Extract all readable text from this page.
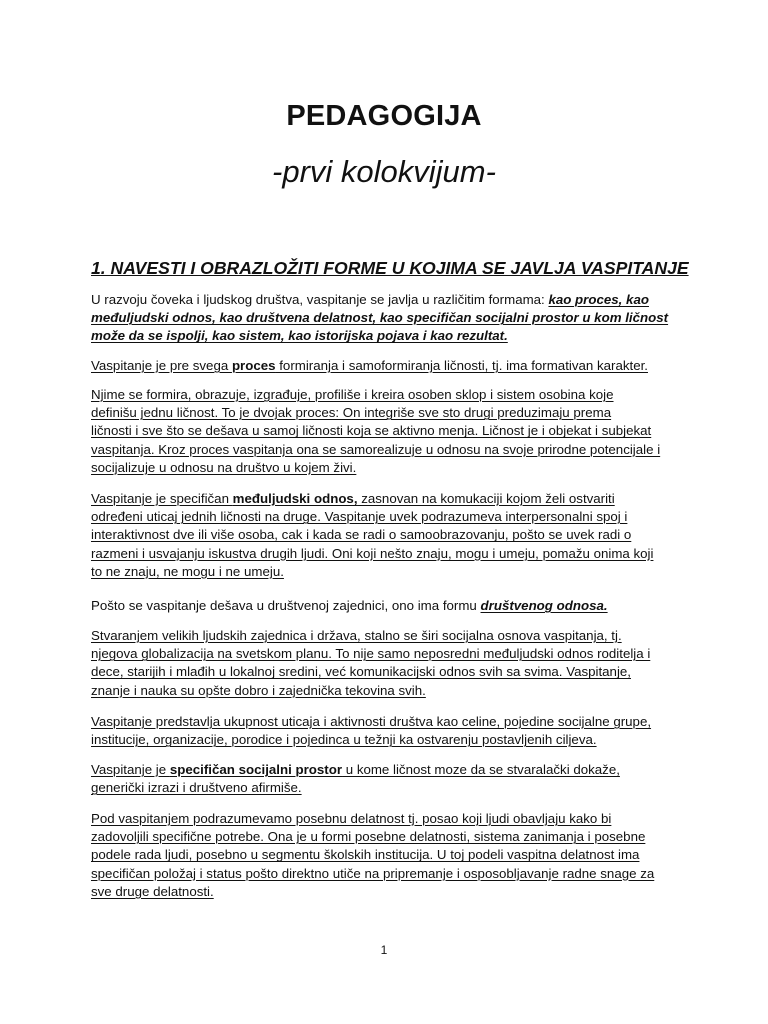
PEDAGOGIJA
-prvi kolokvijum-
1. NAVESTI I OBRAZLOŽITI FORME U KOJIMA SE JAVLJA VASPITANJE
U razvoju čoveka i ljudskog društva, vaspitanje se javlja u različitim formama: kao proces, kao
međuljudski odnos, kao društvena delatnost, kao specifičan socijalni prostor u kom ličnost
može da se ispolji, kao sistem, kao istorijska pojava i kao rezultat.
Vaspitanje je pre svega proces formiranja i samoformiranja ličnosti, tj. ima formativan karakter.
Njime se formira, obrazuje, izgrađuje, profiliše i kreira osoben sklop i sistem osobina koje
definišu jednu ličnost. To je dvojak proces: On integriše sve sto drugi preduzimaju prema
ličnosti i sve što se dešava u samoj ličnosti koja se aktivno menja. Ličnost je i objekat i subjekat
vaspitanja. Kroz proces vaspitanja ona se samorealizuje u odnosu na svoje prirodne potencijale i
socijalizuje u odnosu na društvo u kojem živi.
Vaspitanje je specifičan međuljudski odnos, zasnovan na komukaciji kojom želi ostvariti
određeni uticaj jednih ličnosti na druge. Vaspitanje uvek podrazumeva interpersonalni spoj i
interaktivnost dve ili više osoba, cak i kada se radi o samoobrazovanju, pošto se uvek radi o
razmeni i usvajanju iskustva drugih ljudi. Oni koji nešto znaju, mogu i umeju, pomažu onima koji
to ne znaju, ne mogu i ne umeju.
Pošto se vaspitanje dešava u društvenoj zajednici, ono ima formu društvenog odnosa.
Stvaranjem velikih ljudskih zajednica i država, stalno se širi socijalna osnova vaspitanja, tj.
njegova globalizacija na svetskom planu. To nije samo neposredni međuljudski odnos roditelja i
dece, starijih i mlađih u lokalnoj sredini, već komunikacijski odnos svih sa svima. Vaspitanje,
znanje i nauka su opšte dobro i zajednička tekovina svih.
Vaspitanje predstavlja ukupnost uticaja i aktivnosti društva kao celine, pojedine socijalne grupe,
institucije, organizacije, porodice i pojedinca u težnji ka ostvarenju postavljenih ciljeva.
Vaspitanje je specifičan socijalni prostor u kome ličnost moze da se stvaralački dokaže,
generički izrazi i društveno afirmiše.
Pod vaspitanjem podrazumevamo posebnu delatnost tj. posao koji ljudi obavljaju kako bi
zadovoljili specifične potrebe. Ona je u formi posebne delatnosti, sistema zanimanja i posebne
podele rada ljudi, posebno u segmentu školskih institucija. U toj podeli vaspitna delatnost ima
specifičan položaj i status pošto direktno utiče na pripremanje i osposobljavanje radne snage za
sve druge delatnosti.
1
